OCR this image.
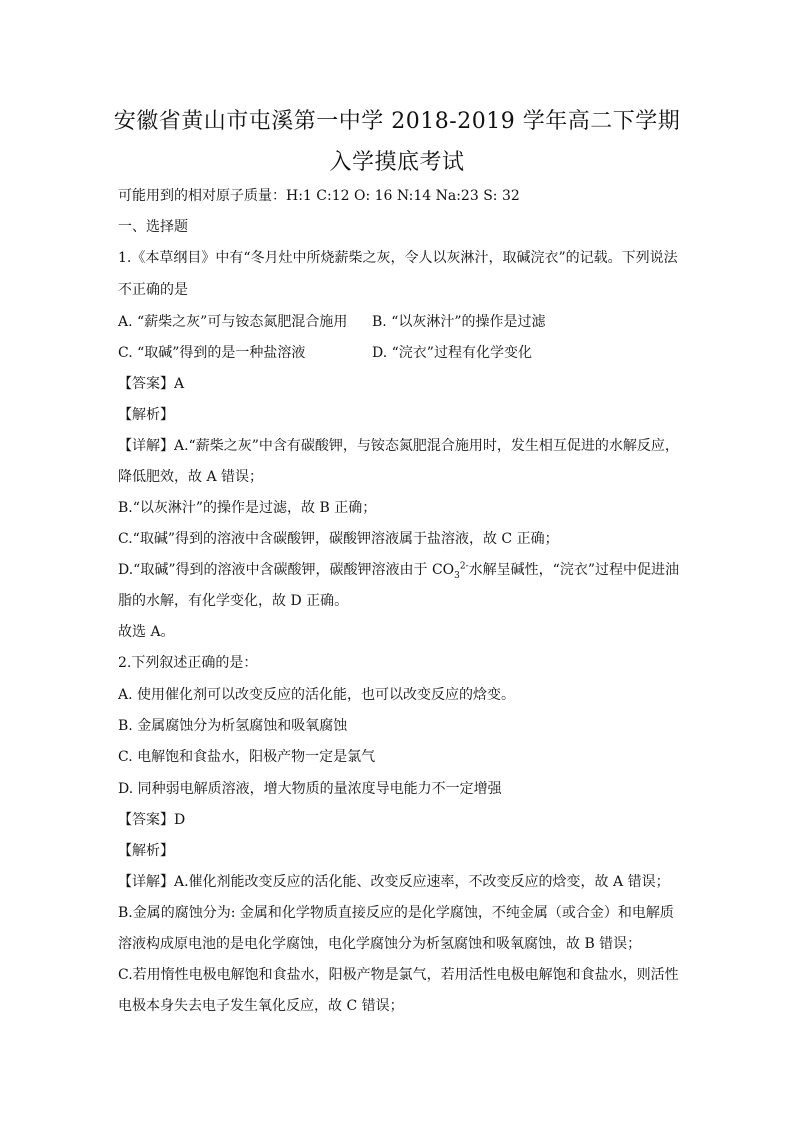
安徽省黄山市屯溪第一中学 2018-2019 学年高二下学期
入学摸底考试
可能用到的相对原子质量：H:1 C:12 O: 16 N:14 Na:23 S: 32
一、选择题
1.《本草纲目》中有“冬月灶中所烧薪柴之灰，令人以灰淋汁，取碱浣衣”的记载。下列说法
不正确的是
A. “薪柴之灰”可与铵态氮肥混合施用 B. “以灰淋汁”的操作是过滤
C. “取碱”得到的是一种盐溶液	D. “浣衣”过程有化学变化
【答案】A
【解析】
【详解】A.“薪柴之灰”中含有碳酸钾，与铵态氮肥混合施用时，发生相互促进的水解反应，
降低肥效，故 A 错误；
B.“以灰淋汁”的操作是过滤，故 B 正确；
C.“取碱”得到的溶液中含碳酸钾，碳酸钾溶液属于盐溶液，故 C 正确；
D.“取碱”得到的溶液中含碳酸钾，碳酸钾溶液由于 $CO_3^{2-}$水解呈碱性，“浣衣”过程中促进油
脂的水解，有化学变化，故 D 正确。
故选 A。
2.下列叙述正确的是：
A. 使用催化剂可以改变反应的活化能，也可以改变反应的焓变。
B. 金属腐蚀分为析氢腐蚀和吸氧腐蚀
C. 电解饱和食盐水，阳极产物一定是氯气
D. 同种弱电解质溶液，增大物质的量浓度导电能力不一定增强
【答案】D
【解析】
【详解】A.催化剂能改变反应的活化能、改变反应速率，不改变反应的焓变，故 A 错误；
B.金属的腐蚀分为: 金属和化学物质直接反应的是化学腐蚀，不纯金属（或合金）和电解质
溶液构成原电池的是电化学腐蚀，电化学腐蚀分为析氢腐蚀和吸氧腐蚀，故 B 错误；
C.若用惰性电极电解饱和食盐水，阳极产物是氯气，若用活性电极电解饱和食盐水，则活性
电极本身失去电子发生氧化反应，故 C 错误；
